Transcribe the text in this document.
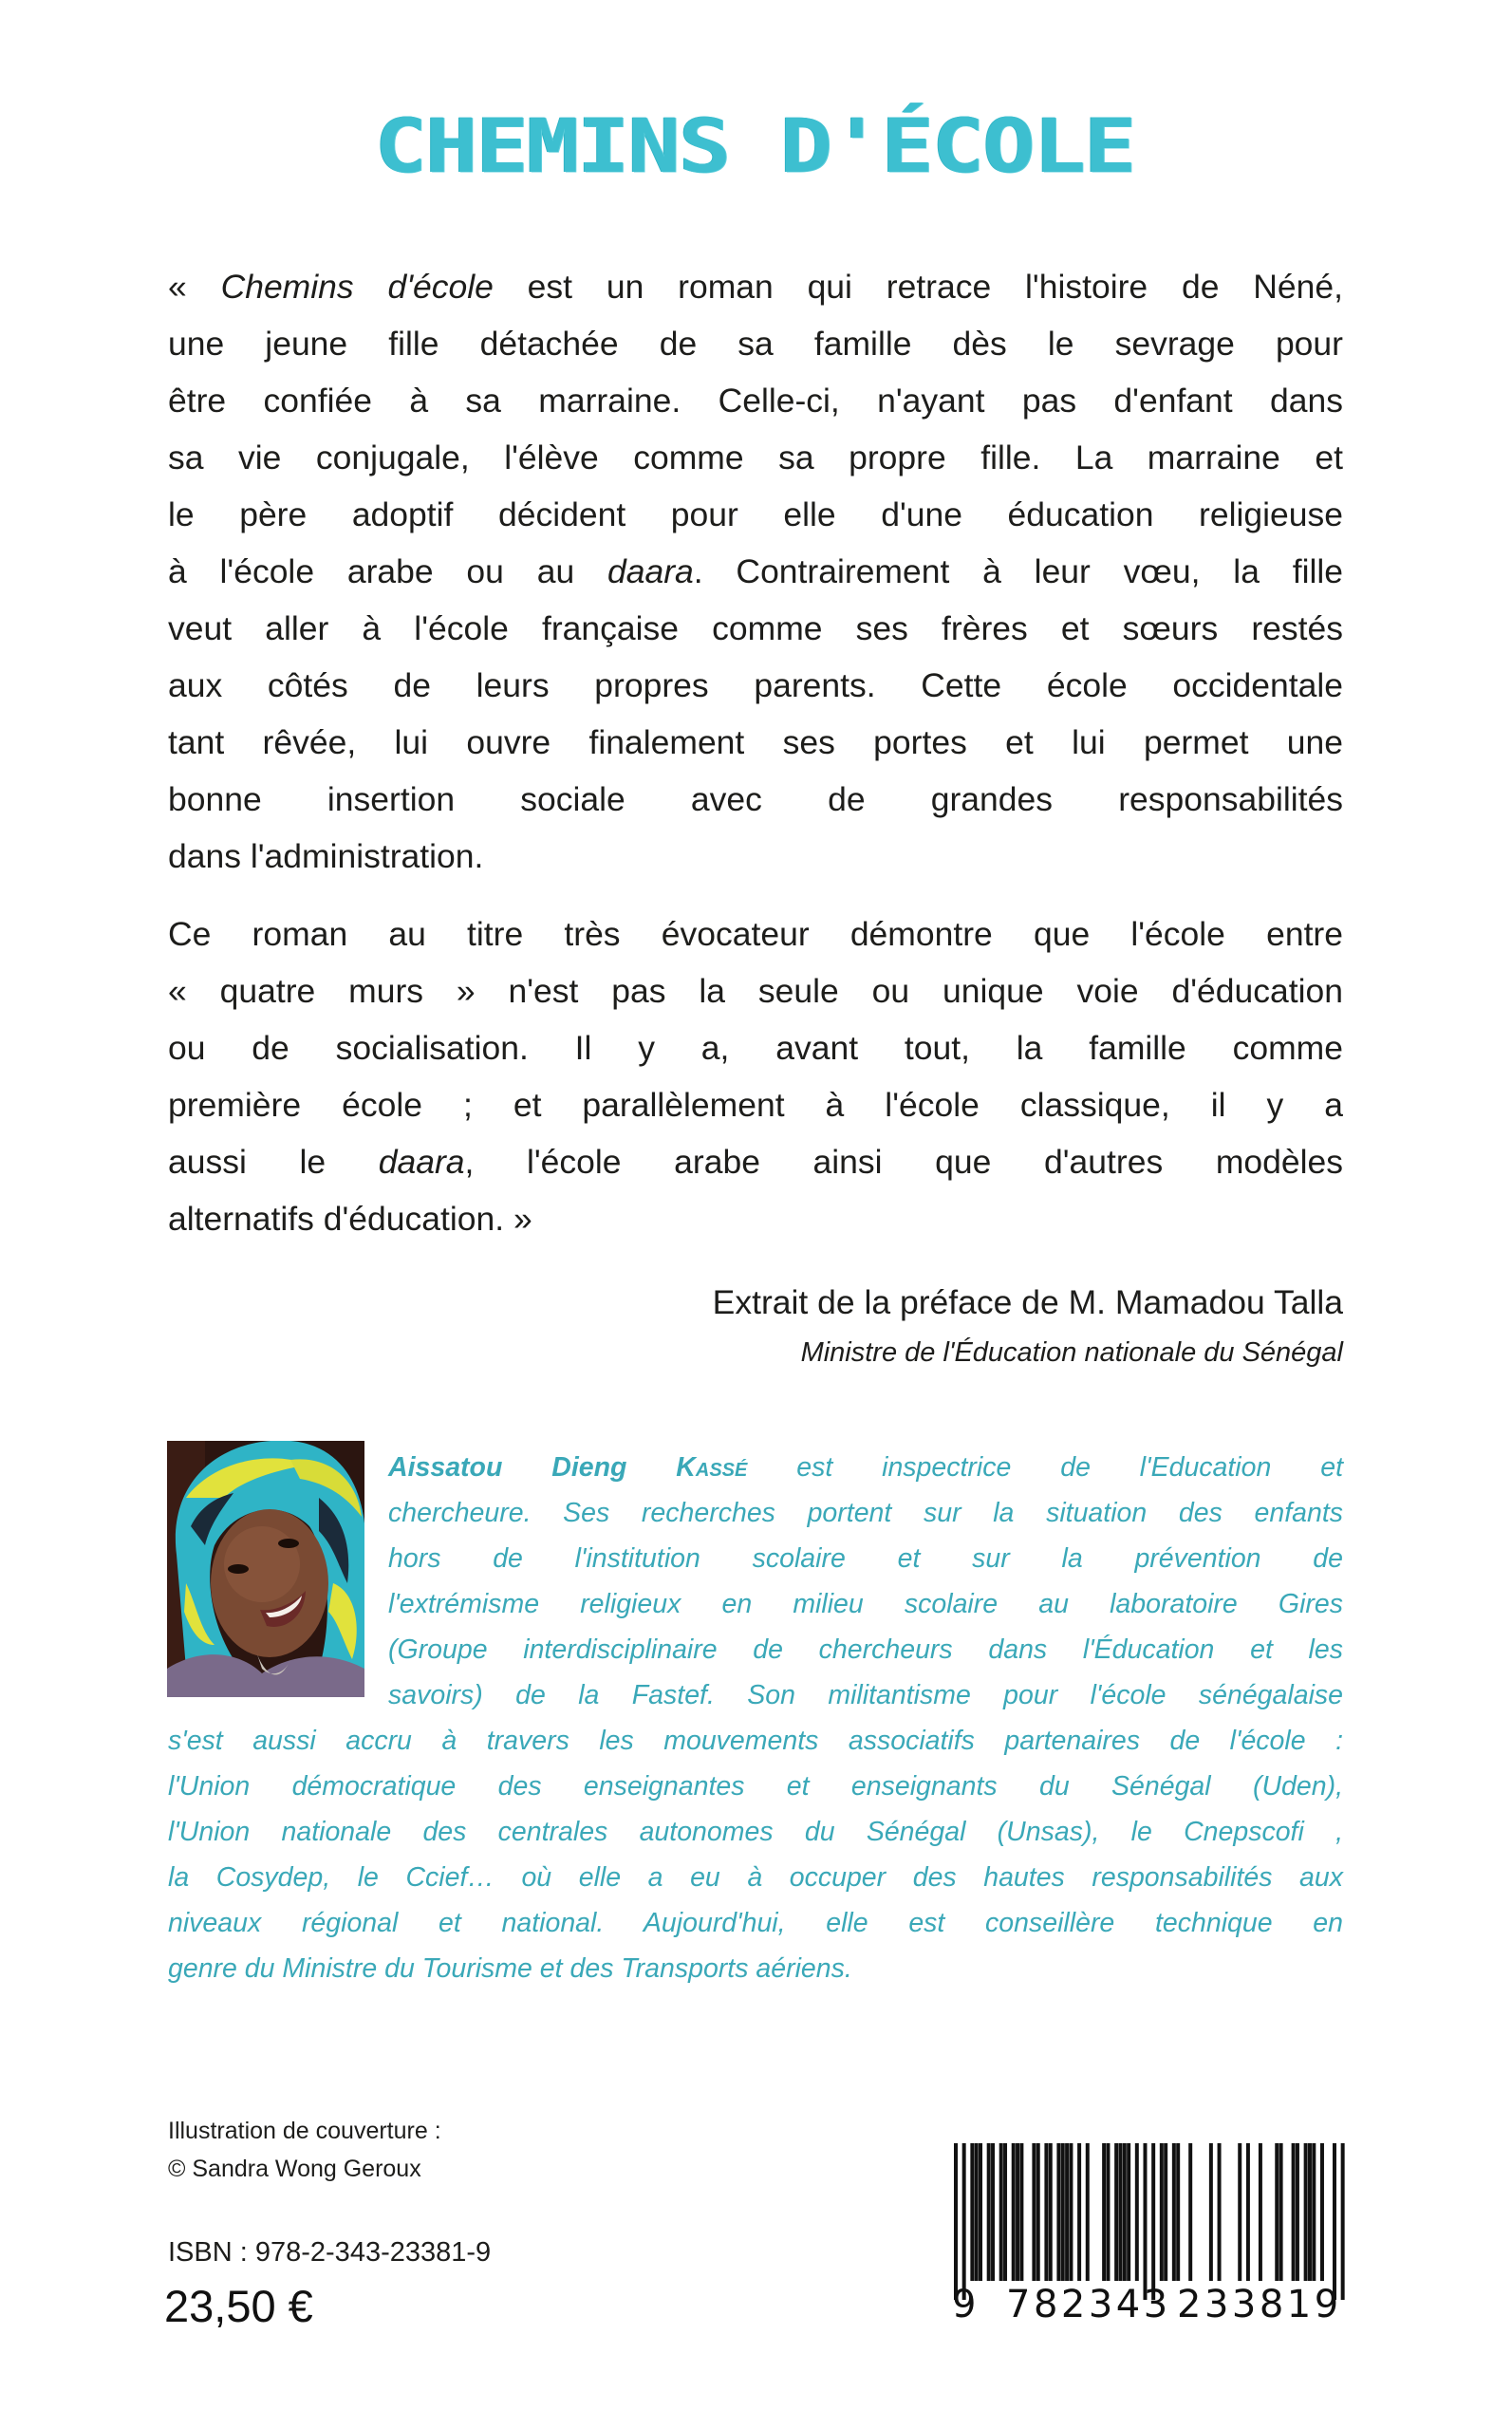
CHEMINS D'ÉCOLE
« Chemins d'école est un roman qui retrace l'histoire de Néné,
une jeune fille détachée de sa famille dès le sevrage pour
être confiée à sa marraine. Celle-ci, n'ayant pas d'enfant dans
sa vie conjugale, l'élève comme sa propre fille. La marraine et
le père adoptif décident pour elle d'une éducation religieuse
à l'école arabe ou au daara. Contrairement à leur vœu, la fille
veut aller à l'école française comme ses frères et sœurs restés
aux côtés de leurs propres parents. Cette école occidentale
tant rêvée, lui ouvre finalement ses portes et lui permet une
bonne insertion sociale avec de grandes responsabilités
dans l'administration.
Ce roman au titre très évocateur démontre que l'école entre
« quatre murs » n'est pas la seule ou unique voie d'éducation
ou de socialisation. Il y a, avant tout, la famille comme
première école ; et parallèlement à l'école classique, il y a
aussi le daara, l'école arabe ainsi que d'autres modèles
alternatifs d'éducation. »
Extrait de la préface de M. Mamadou Talla
Ministre de l'Éducation nationale du Sénégal
Aissatou Dieng Kassé est inspectrice de l'Education et
chercheure. Ses recherches portent sur la situation des enfants
hors de l'institution scolaire et sur la prévention de
l'extrémisme religieux en milieu scolaire au laboratoire Gires
(Groupe interdisciplinaire de chercheurs dans l'Éducation et les
savoirs) de la Fastef. Son militantisme pour l'école sénégalaise
s'est aussi accru à travers les mouvements associatifs partenaires de l'école :
l'Union démocratique des enseignantes et enseignants du Sénégal (Uden),
l'Union nationale des centrales autonomes du Sénégal (Unsas), le Cnepscofi ,
la Cosydep, le Ccief… où elle a eu à occuper des hautes responsabilités aux
niveaux régional et national. Aujourd'hui, elle est conseillère technique en
genre du Ministre du Tourisme et des Transports aériens.
Illustration de couverture :
© Sandra Wong Geroux
ISBN : 978-2-343-23381-9
23,50 €	9 782343 233819
